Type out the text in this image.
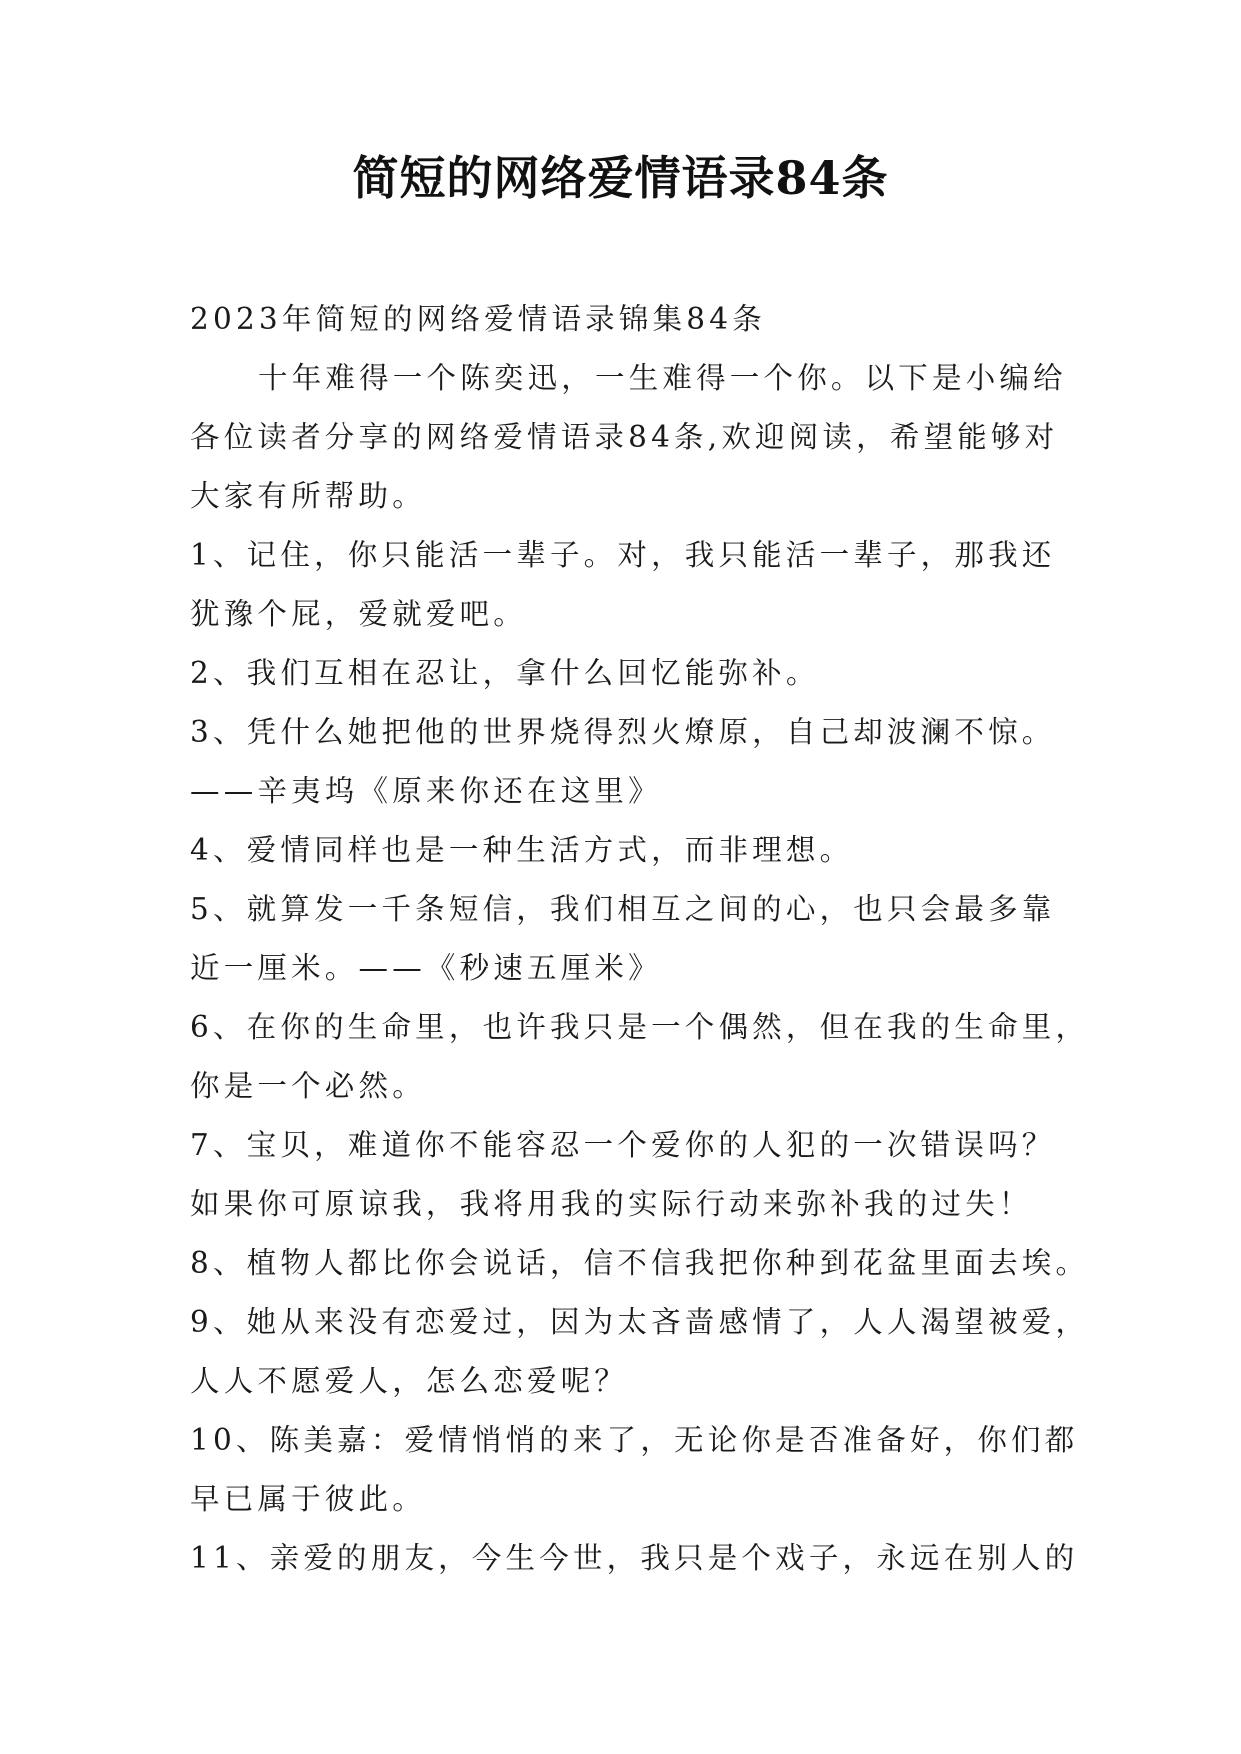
简短的网络爱情语录84条

2023年简短的网络爱情语录锦集84条

十年难得一个陈奕迅，一生难得一个你。以下是小编给

各位读者分享的网络爱情语录84条,欢迎阅读，希望能够对

大家有所帮助。

1、记住，你只能活一辈子。对，我只能活一辈子，那我还

犹豫个屁，爱就爱吧。

2、我们互相在忍让，拿什么回忆能弥补。

3、凭什么她把他的世界烧得烈火燎原，自己却波澜不惊。

——辛夷坞《原来你还在这里》

4、爱情同样也是一种生活方式，而非理想。

5、就算发一千条短信，我们相互之间的心，也只会最多靠

近一厘米。——《秒速五厘米》

6、在你的生命里，也许我只是一个偶然，但在我的生命里，

你是一个必然。

7、宝贝，难道你不能容忍一个爱你的人犯的一次错误吗？

如果你可原谅我，我将用我的实际行动来弥补我的过失！

8、植物人都比你会说话，信不信我把你种到花盆里面去埃。

9、她从来没有恋爱过，因为太吝啬感情了，人人渴望被爱，

人人不愿爱人，怎么恋爱呢？

10、陈美嘉：爱情悄悄的来了，无论你是否准备好，你们都

早已属于彼此。

11、亲爱的朋友，今生今世，我只是个戏子，永远在别人的
